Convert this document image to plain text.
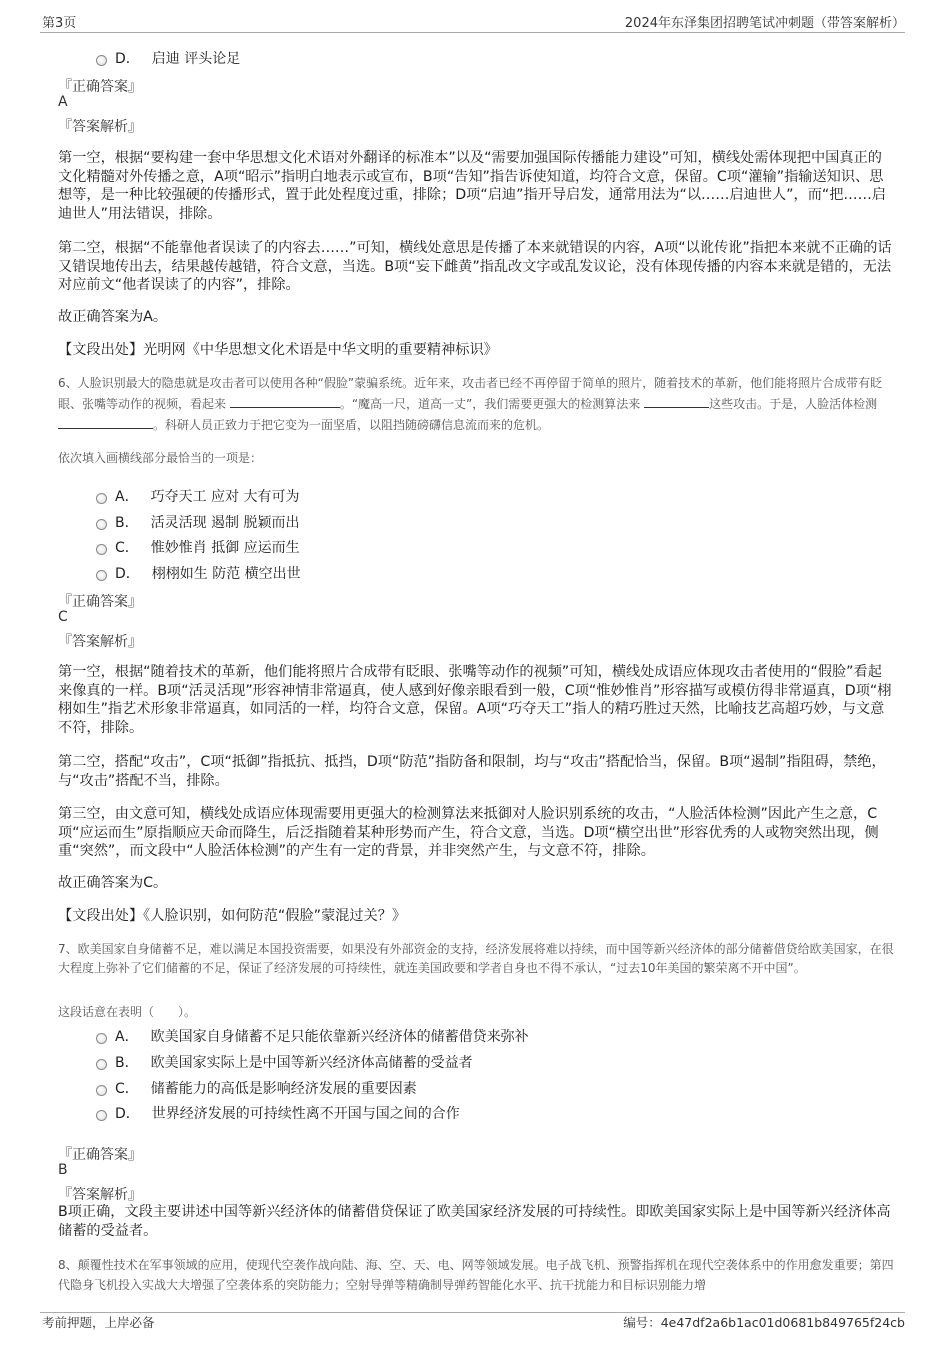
第3页	2024年东泽集团招聘笔试冲刺题（带答案解析）
D． 启迪 评头论足
『正确答案』
A
『答案解析』
第一空，根据“要构建一套中华思想文化术语对外翻译的标准本”以及“需要加强国际传播能力建设”可知，横线处需体现把中国真正的文化精髓对外传播之意，A项“昭示”指明白地表示或宣布，B项“告知”指告诉使知道，均符合文意，保留。C项“灌输”指输送知识、思想等，是一种比较强硬的传播形式，置于此处程度过重，排除；D项“启迪”指开导启发，通常用法为“以……启迪世人”，而“把……启迪世人”用法错误，排除。
第二空，根据“不能靠他者误读了的内容去……”可知，横线处意思是传播了本来就错误的内容，A项“以讹传讹”指把本来就不正确的话又错误地传出去，结果越传越错，符合文意，当选。B项“妄下雌黄”指乱改文字或乱发议论，没有体现传播的内容本来就是错的，无法对应前文“他者误读了的内容”，排除。
故正确答案为A。
【文段出处】光明网《中华思想文化术语是中华文明的重要精神标识》
6、人脸识别最大的隐患就是攻击者可以使用各种“假脸”蒙骗系统。近年来，攻击者已经不再停留于简单的照片，随着技术的革新，他们能将照片合成带有眨眼、张嘴等动作的视频，看起来	。“魔高一尺，道高一丈”，我们需要更强大的检测算法来	这些攻击。于是，人脸活体检测 。科研人员正致力于把它变为一面坚盾，以阻挡随磅礴信息流而来的危机。
依次填入画横线部分最恰当的一项是：
A． 巧夺天工 应对 大有可为
B． 活灵活现 遏制 脱颖而出
C． 惟妙惟肖 抵御 应运而生
D． 栩栩如生 防范 横空出世
『正确答案』
C
『答案解析』
第一空，根据“随着技术的革新，他们能将照片合成带有眨眼、张嘴等动作的视频”可知，横线处成语应体现攻击者使用的“假脸”看起来像真的一样。B项“活灵活现”形容神情非常逼真，使人感到好像亲眼看到一般，C项“惟妙惟肖”形容描写或模仿得非常逼真，D项“栩栩如生”指艺术形象非常逼真，如同活的一样，均符合文意，保留。A项“巧夺天工”指人的精巧胜过天然，比喻技艺高超巧妙，与文意不符，排除。
第二空，搭配“攻击”，C项“抵御”指抵抗、抵挡，D项“防范”指防备和限制，均与“攻击”搭配恰当，保留。B项“遏制”指阻碍，禁绝，与“攻击”搭配不当，排除。
第三空，由文意可知，横线处成语应体现需要用更强大的检测算法来抵御对人脸识别系统的攻击，“人脸活体检测”因此产生之意，C项“应运而生”原指顺应天命而降生，后泛指随着某种形势而产生，符合文意，当选。D项“横空出世”形容优秀的人或物突然出现，侧重“突然”，而文段中“人脸活体检测”的产生有一定的背景，并非突然产生，与文意不符，排除。
故正确答案为C。
【文段出处】《人脸识别，如何防范“假脸”蒙混过关？》
7、欧美国家自身储蓄不足，难以满足本国投资需要，如果没有外部资金的支持，经济发展将难以持续，而中国等新兴经济体的部分储蓄借贷给欧美国家，在很大程度上弥补了它们储蓄的不足，保证了经济发展的可持续性，就连美国政要和学者自身也不得不承认，“过去10年美国的繁荣离不开中国”。
这段话意在表明（　　）。
A． 欧美国家自身储蓄不足只能依靠新兴经济体的储蓄借贷来弥补
B． 欧美国家实际上是中国等新兴经济体高储蓄的受益者
C． 储蓄能力的高低是影响经济发展的重要因素
D． 世界经济发展的可持续性离不开国与国之间的合作
『正确答案』
B
『答案解析』
B项正确，文段主要讲述中国等新兴经济体的储蓄借贷保证了欧美国家经济发展的可持续性。即欧美国家实际上是中国等新兴经济体高储蓄的受益者。
8、颠覆性技术在军事领域的应用，使现代空袭作战向陆、海、空、天、电、网等领域发展。电子战飞机、预警指挥机在现代空袭体系中的作用愈发重要；第四代隐身飞机投入实战大大增强了空袭体系的突防能力；空射导弹等精确制导弹药智能化水平、抗干扰能力和目标识别能力增
考前押题，上岸必备	编号：4e47df2a6b1ac01d0681b849765f24cb
